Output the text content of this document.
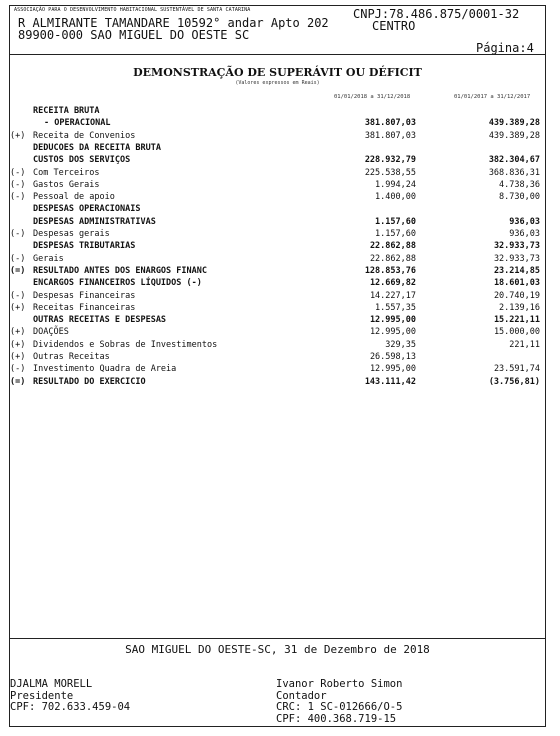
ASSOCIAÇÃO PARA O DESENVOLVIMENTO HABITACIONAL SUSTENTÁVEL DE SANTA CATARINA
R ALMIRANTE TAMANDARE 10592° andar Apto 202
89900-000 SAO MIGUEL DO OESTE SC
CNPJ:78.486.875/0001-32
CENTRO
Página:4
DEMONSTRAÇÃO DE SUPERÁVIT OU DÉFICIT
(Valores expressos em Reais)
01/01/2018 a 31/12/2018	01/01/2017 a 31/12/2017
RECEITA BRUTA
- OPERACIONAL	381.807,03	439.389,28
(+) Receita de Convenios	381.807,03	439.389,28
DEDUCOES DA RECEITA BRUTA
CUSTOS DOS SERVIÇOS	228.932,79	382.304,67
(-) Com Terceiros	225.538,55	368.836,31
(-) Gastos Gerais	1.994,24	4.738,36
(-) Pessoal de apoio	1.400,00	8.730,00
DESPESAS OPERACIONAIS
DESPESAS ADMINISTRATIVAS	1.157,60	936,03
(-) Despesas gerais	1.157,60	936,03
DESPESAS TRIBUTARIAS	22.862,88	32.933,73
(-) Gerais	22.862,88	32.933,73
(=) RESULTADO ANTES DOS ENARGOS FINANC	128.853,76	23.214,85
ENCARGOS FINANCEIROS LÍQUIDOS (-)	12.669,82	18.601,03
(-) Despesas Financeiras	14.227,17	20.740,19
(+) Receitas Financeiras	1.557,35	2.139,16
OUTRAS RECEITAS E DESPESAS	12.995,00	15.221,11
(+) DOAÇÕES	12.995,00	15.000,00
(+) Dividendos e Sobras de Investimentos	329,35	221,11
(+) Outras Receitas	26.598,13
(-) Investimento Quadra de Areia	12.995,00	23.591,74
(=) RESULTADO DO EXERCICIO	143.111,42	(3.756,81)
SAO MIGUEL DO OESTE-SC, 31 de Dezembro de 2018
DJALMA MORELL
Presidente
CPF: 702.633.459-04
Ivanor Roberto Simon
Contador
CRC: 1 SC-012666/O-5
CPF: 400.368.719-15
